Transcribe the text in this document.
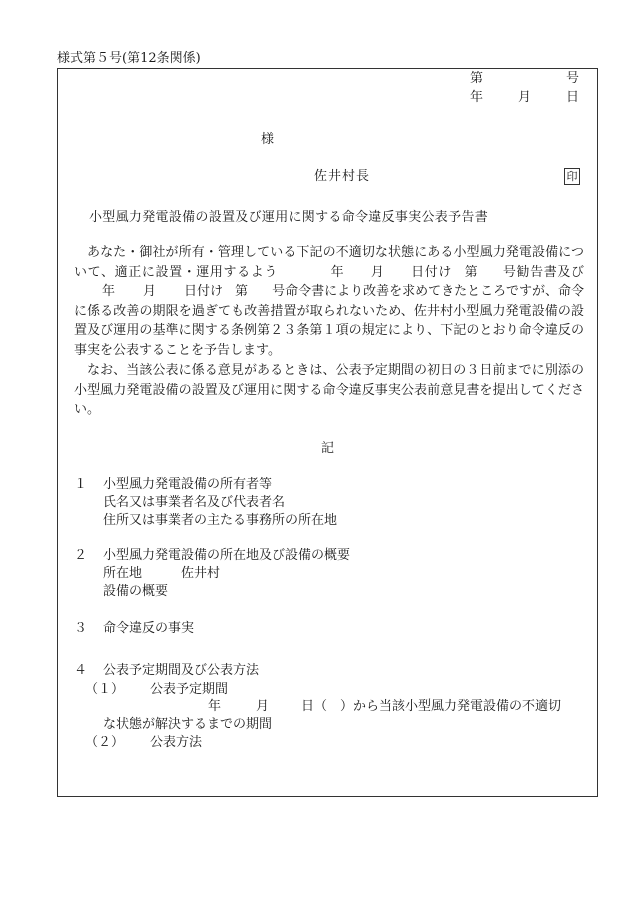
様式第５号(第12条関係)
第	号
年	月	日
様
佐井村長	印
小型風力発電設備の設置及び運用に関する命令違反事実公表予告書
あなた・御社が所有・管理している下記の不適切な状態にある小型風力発電設備について、適正に設置・運用するよう	年 月 日付け 第 号勧告書及び年 月 日付け 第 号命令書により改善を求めてきたところですが、命令に係る改善の期限を過ぎても改善措置が取られないため、佐井村小型風力発電設備の設置及び運用の基準に関する条例第２３条第１項の規定により、下記のとおり命令違反の事実を公表することを予告します。
なお、当該公表に係る意見があるときは、公表予定期間の初日の３日前までに別添の小型風力発電設備の設置及び運用に関する命令違反事実公表前意見書を提出してください。
記
１ 小型風力発電設備の所有者等
氏名又は事業者名及び代表者名
住所又は事業者の主たる事務所の所在地
２ 小型風力発電設備の所在地及び設備の概要
所在地	佐井村
設備の概要
３ 命令違反の事実
４ 公表予定期間及び公表方法
（１） 公表予定期間
年	月 日（　）から当該小型風力発電設備の不適切
な状態が解決するまでの期間
（２） 公表方法
